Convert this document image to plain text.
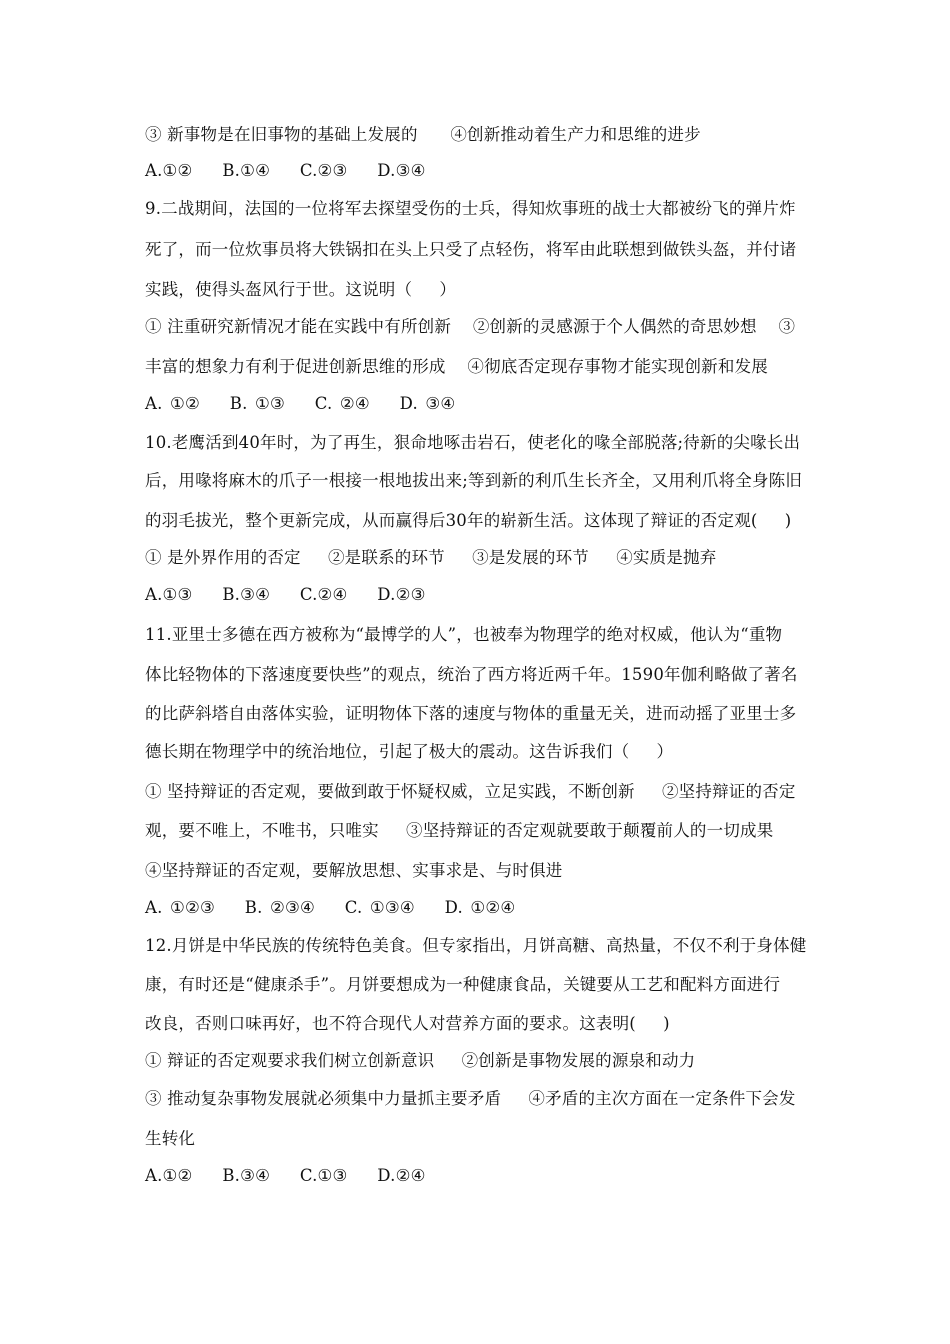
③ 新事物是在旧事物的基础上发展的      ④创新推动着生产力和思维的进步
A.①②    B.①④    C.②③    D.③④
9.二战期间，法国的一位将军去探望受伤的士兵，得知炊事班的战士大都被纷飞的弹片炸
死了，而一位炊事员将大铁锅扣在头上只受了点轻伤，将军由此联想到做铁头盔，并付诸
实践，使得头盔风行于世。这说明（     ）
① 注重研究新情况才能在实践中有所创新    ②创新的灵感源于个人偶然的奇思妙想    ③
丰富的想象力有利于促进创新思维的形成    ④彻底否定现存事物才能实现创新和发展
A. ①②    B. ①③    C. ②④    D. ③④
10.老鹰活到40年时，为了再生，狠命地啄击岩石，使老化的喙全部脱落;待新的尖喙长出
后，用喙将麻木的爪子一根接一根地拔出来;等到新的利爪生长齐全，又用利爪将全身陈旧
的羽毛拔光，整个更新完成，从而赢得后30年的崭新生活。这体现了辩证的否定观(     )
① 是外界作用的否定     ②是联系的环节     ③是发展的环节     ④实质是抛弃
A.①③    B.③④    C.②④    D.②③
11.亚里士多德在西方被称为“最博学的人”，也被奉为物理学的绝对权威，他认为“重物
体比轻物体的下落速度要快些”的观点，统治了西方将近两千年。1590年伽利略做了著名
的比萨斜塔自由落体实验，证明物体下落的速度与物体的重量无关，进而动摇了亚里士多
德长期在物理学中的统治地位，引起了极大的震动。这告诉我们（     ）
① 坚持辩证的否定观，要做到敢于怀疑权威，立足实践，不断创新     ②坚持辩证的否定
观，要不唯上，不唯书，只唯实     ③坚持辩证的否定观就要敢于颠覆前人的一切成果
④坚持辩证的否定观，要解放思想、实事求是、与时俱进
A. ①②③    B. ②③④    C. ①③④    D. ①②④
12.月饼是中华民族的传统特色美食。但专家指出，月饼高糖、高热量，不仅不利于身体健
康，有时还是“健康杀手”。月饼要想成为一种健康食品，关键要从工艺和配料方面进行
改良，否则口味再好，也不符合现代人对营养方面的要求。这表明(     )
① 辩证的否定观要求我们树立创新意识     ②创新是事物发展的源泉和动力
③ 推动复杂事物发展就必须集中力量抓主要矛盾     ④矛盾的主次方面在一定条件下会发
生转化
A.①②    B.③④    C.①③    D.②④
